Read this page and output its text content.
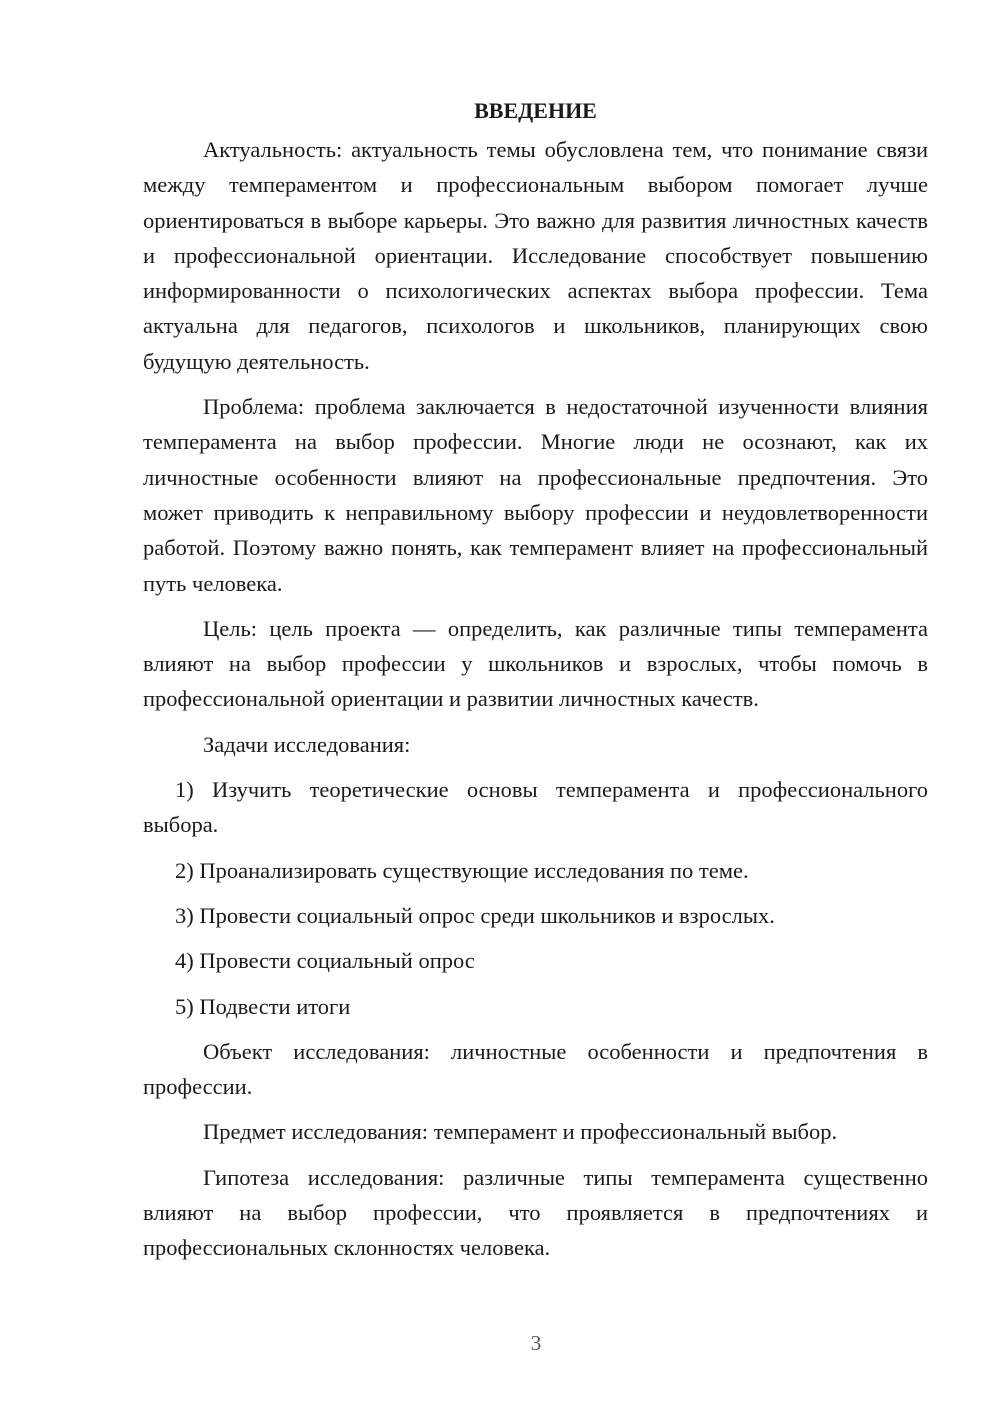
ВВЕДЕНИЕ

Актуальность: актуальность темы обусловлена тем, что понимание связи между темпераментом и профессиональным выбором помогает лучше ориентироваться в выборе карьеры. Это важно для развития личностных качеств и профессиональной ориентации. Исследование способствует повышению информированности о психологических аспектах выбора профессии. Тема актуальна для педагогов, психологов и школьников, планирующих свою будущую деятельность.

Проблема: проблема заключается в недостаточной изученности влияния темперамента на выбор профессии. Многие люди не осознают, как их личностные особенности влияют на профессиональные предпочтения. Это может приводить к неправильному выбору профессии и неудовлетворенности работой. Поэтому важно понять, как темперамент влияет на профессиональный путь человека.

Цель: цель проекта — определить, как различные типы темперамента влияют на выбор профессии у школьников и взрослых, чтобы помочь в профессиональной ориентации и развитии личностных качеств.

Задачи исследования:

1) Изучить теоретические основы темперамента и профессионального выбора.

2) Проанализировать существующие исследования по теме.

3) Провести социальный опрос среди школьников и взрослых.

4) Провести социальный опрос

5) Подвести итоги

Объект исследования: личностные особенности и предпочтения в профессии.

Предмет исследования: темперамент и профессиональный выбор.

Гипотеза исследования: различные типы темперамента существенно влияют на выбор профессии, что проявляется в предпочтениях и профессиональных склонностях человека.

3
